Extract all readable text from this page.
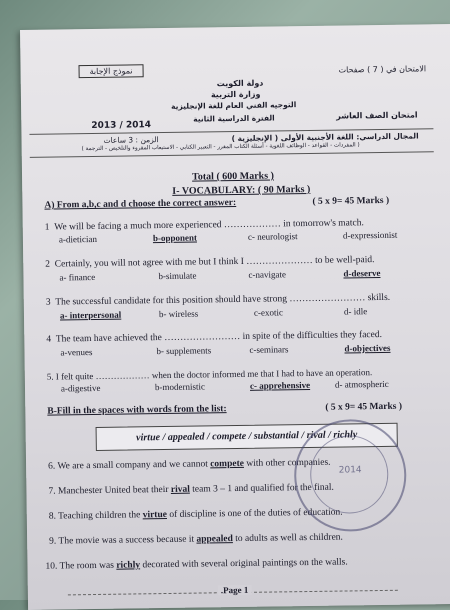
نموذج الإجابة	الامتحان في ( 7 ) صفحات
دولة الكويت
وزارة التربية
التوجيه الفني العام للغة الإنجليزية
2013 / 2014
الفترة الدراسية الثانية	امتحان الصف العاشر
الزمن : 3 ساعات	المجال الدراسي: اللغة الأجنبية الأولى ( الإنجليزية )
( المفردات - القواعد - الوظائف اللغوية - أسئلة الكتاب المقرر - التعبير الكتابي - الاستيعاب المقروء والتلخيص - الترجمة )
Total ( 600 Marks )
I- VOCABULARY: ( 90 Marks )
A) From a,b,c and d choose the correct answer:	( 5 x 9= 45 Marks )
1 We will be facing a much more experienced ……………… in tomorrow's match.
a-dietician	b-opponent	c- neurologist	d-expressionist
2 Certainly, you will not agree with me but I think I ………………… to be well-paid.
a- finance	b-simulate	c-navigate	d-deserve
3 The successful candidate for this position should have strong …………………… skills.
a- interpersonal	b- wireless	c-exotic	d- idle
4 The team have achieved the …………………… in spite of the difficulties they faced.
a-venues	b- supplements	c-seminars	d-objectives
5. I felt quite ……………… when the doctor informed me that I had to have an operation.
a-digestive	b-modernistic	c- apprehensive	d- atmospheric
B-Fill in the spaces with words from the list:	( 5 x 9= 45 Marks )
virtue / appealed / compete / substantial / rival / richly
6. We are a small company and we cannot compete with other companies.
7. Manchester United beat their rival team 3 – 1 and qualified for the final.
8. Teaching children the virtue of discipline is one of the duties of education.
9. The movie was a success because it appealed to adults as well as children.
10. The room was richly decorated with several original paintings on the walls.
2014
.Page 1
